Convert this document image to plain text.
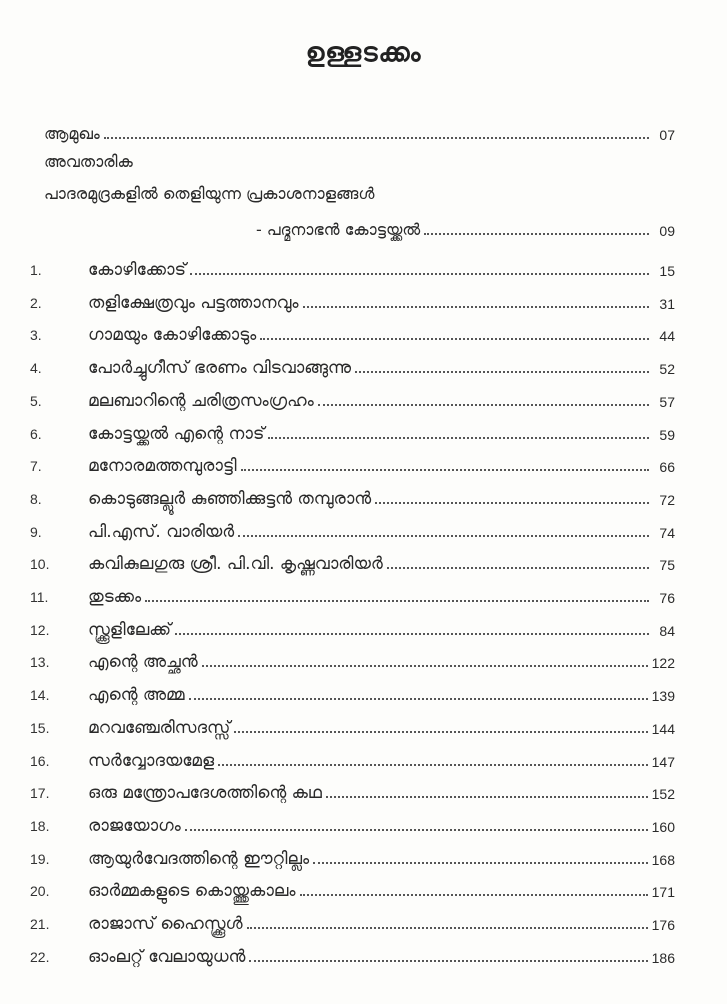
ഉള്ളടക്കം
ആമുഖം	07
അവതാരിക
പാദരമുദ്രകളിൽ തെളിയുന്ന പ്രകാശനാളങ്ങൾ
- പദ്മനാഭൻ കോട്ടയ്ക്കൽ	09
1.	കോഴിക്കോട്	15
2.	തളിക്ഷേത്രവും പട്ടത്താനവും	31
3.	ഗാമയും കോഴിക്കോടും	44
4.	പോർച്ചുഗീസ് ഭരണം വിടവാങ്ങുന്നു	52
5.	മലബാറിന്റെ ചരിത്രസംഗ്രഹം	57
6.	കോട്ടയ്ക്കൽ എന്റെ നാട്	59
7.	മനോരമത്തമ്പുരാട്ടി	66
8.	കൊടുങ്ങല്ലൂർ കുഞ്ഞിക്കുട്ടൻ തമ്പുരാൻ	72
9.	പി.എസ്. വാരിയർ	74
10.	കവികുലഗുരു ശ്രീ. പി.വി. കൃഷ്ണവാരിയർ	75
11.	തുടക്കം	76
12.	സ്ക്കൂളിലേക്ക്	84
13.	എന്റെ അച്ഛൻ	122
14.	എന്റെ അമ്മ	139
15.	മറവഞ്ചേരിസദസ്സ്	144
16.	സർവ്വോദയമേള	147
17.	ഒരു മന്ത്രോപദേശത്തിന്റെ കഥ	152
18.	രാജയോഗം	160
19.	ആയുർവേദത്തിന്റെ ഈറ്റില്ലം	168
20.	ഓർമ്മകളുടെ കൊയ്ത്തുകാലം	171
21.	രാജാസ് ഹൈസ്ക്കൂൾ	176
22.	ഓംലറ്റ് വേലായുധൻ	186
